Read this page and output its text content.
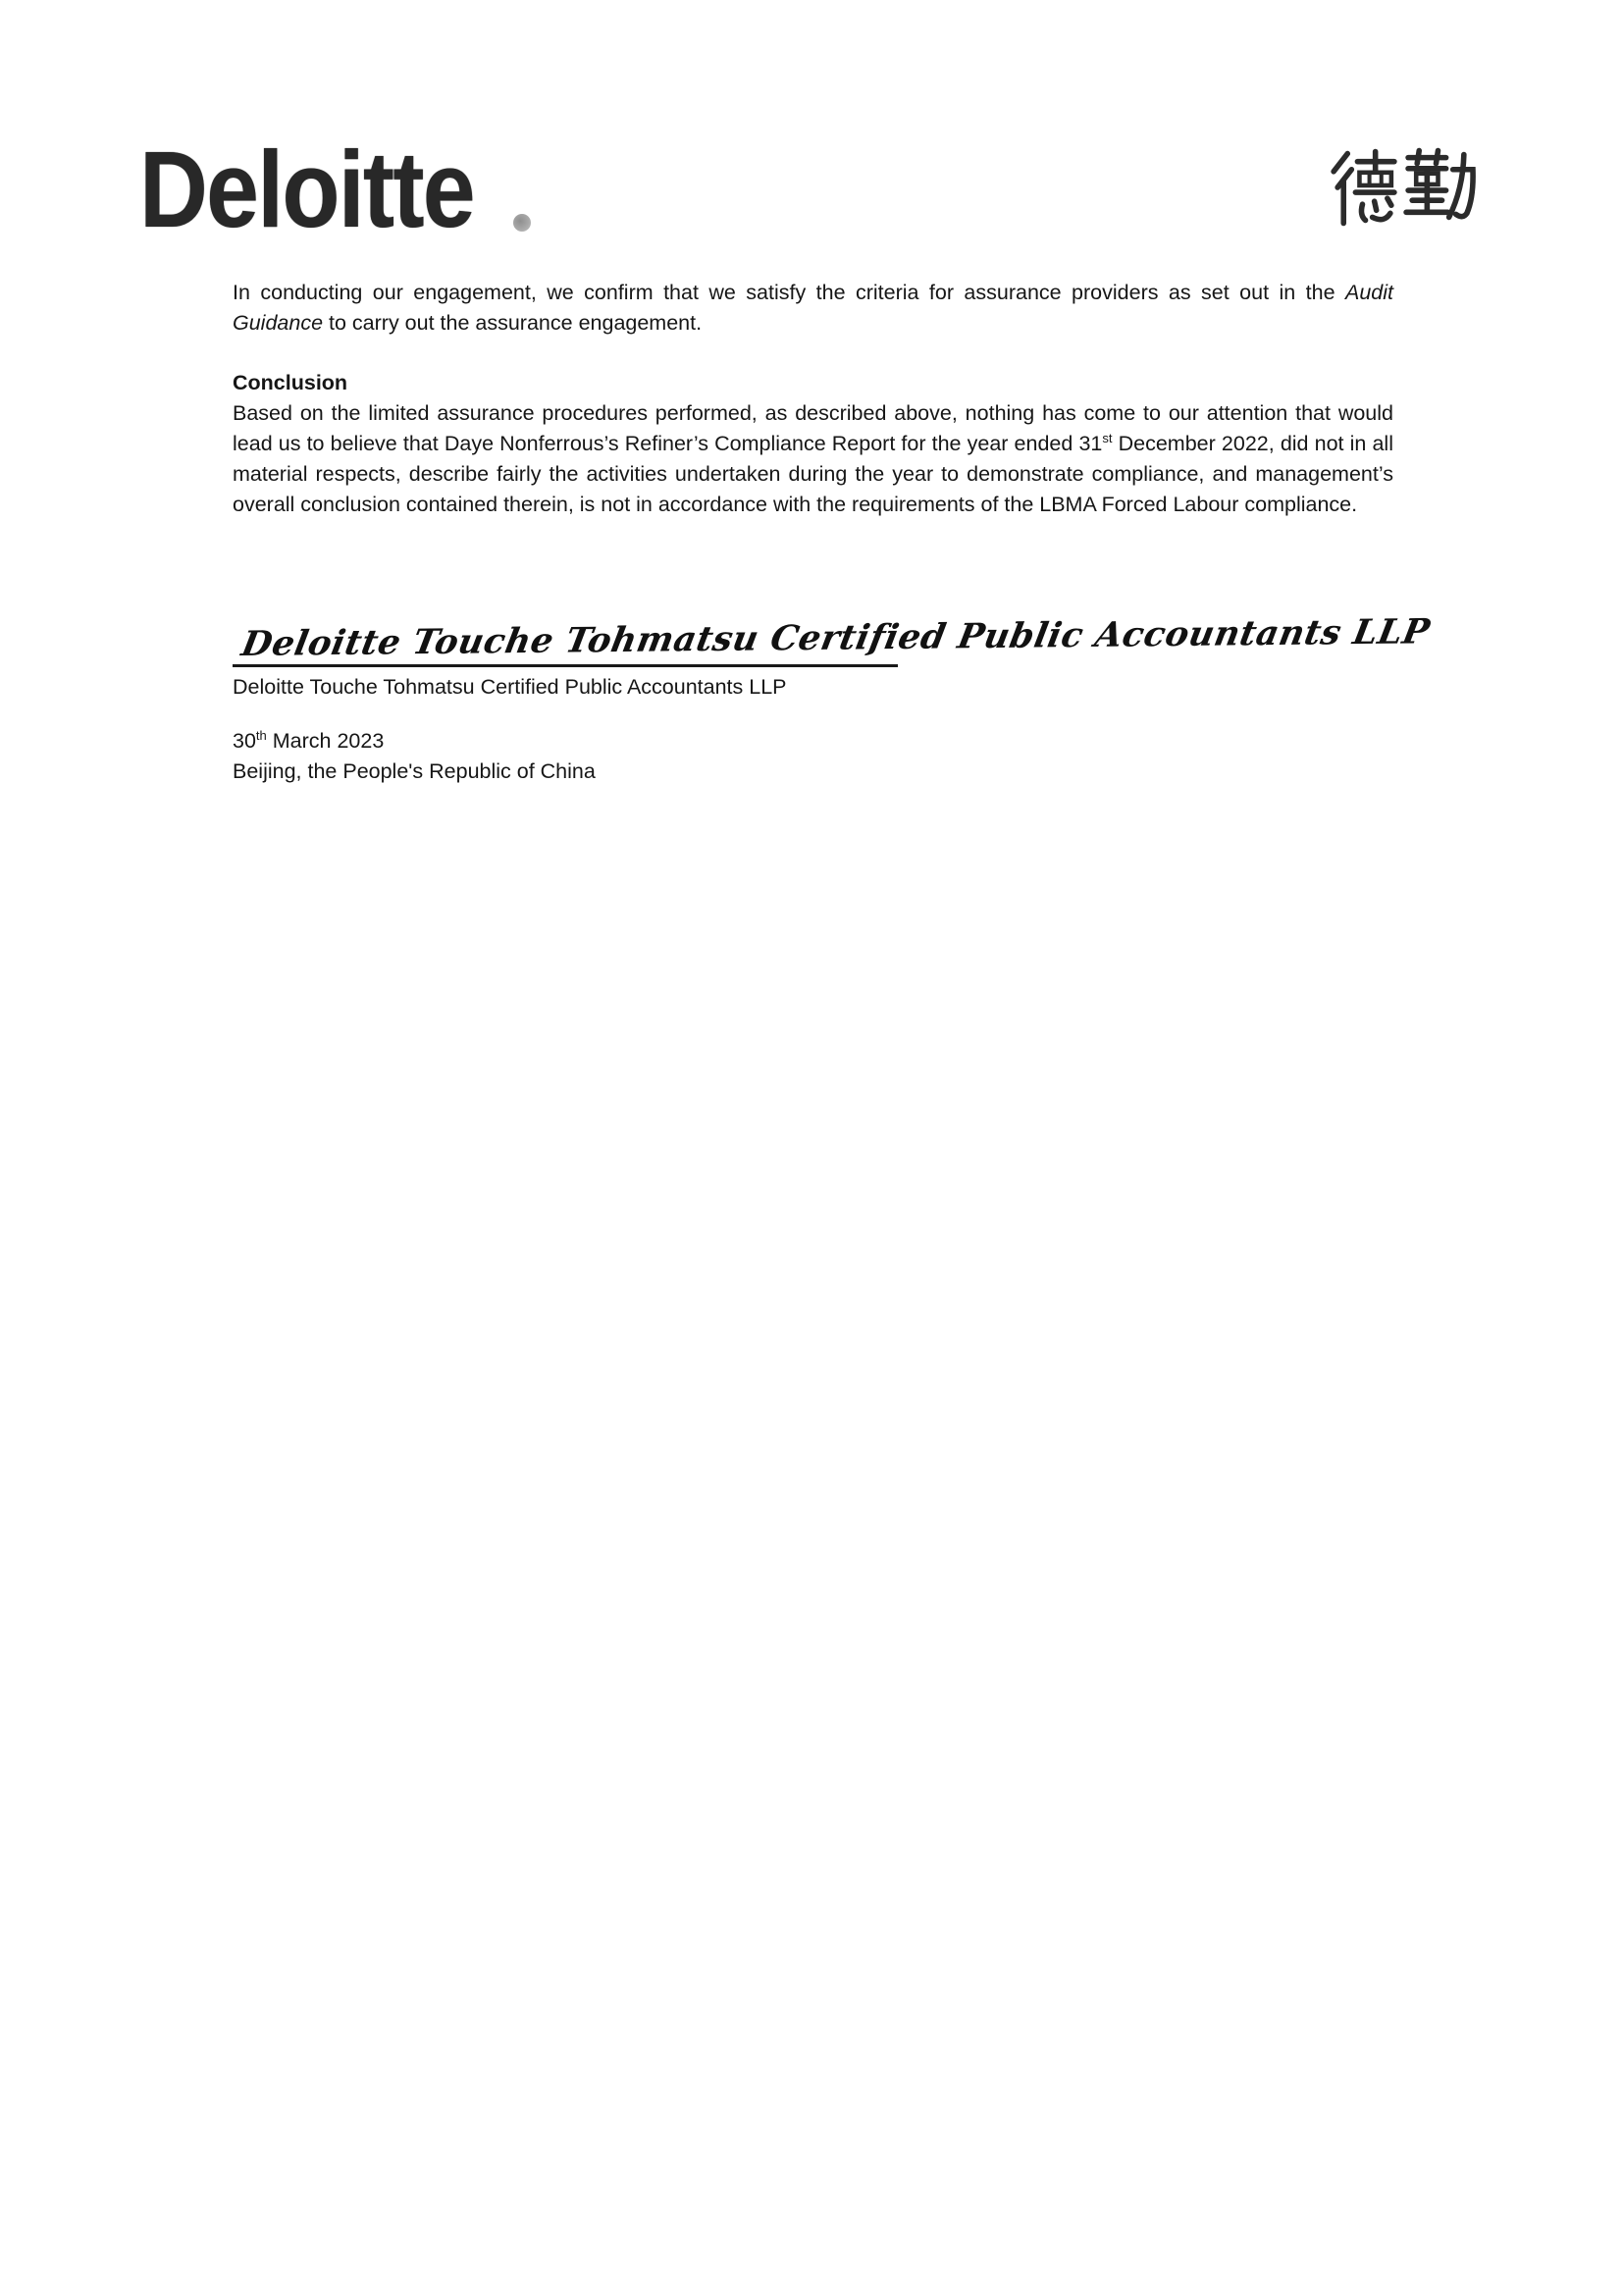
Deloitte

In conducting our engagement, we confirm that we satisfy the criteria for assurance providers as set out in the Audit Guidance to carry out the assurance engagement.

Conclusion

Based on the limited assurance procedures performed, as described above, nothing has come to our attention that would lead us to believe that Daye Nonferrous’s Refiner’s Compliance Report for the year ended 31st December 2022, did not in all material respects, describe fairly the activities undertaken during the year to demonstrate compliance, and management’s overall conclusion contained therein, is not in accordance with the requirements of the LBMA Forced Labour compliance.

Deloitte Touche Tohmatsu Certified Public Accountants LLP
Deloitte Touche Tohmatsu Certified Public Accountants LLP
30th March 2023

Beijing, the People's Republic of China
